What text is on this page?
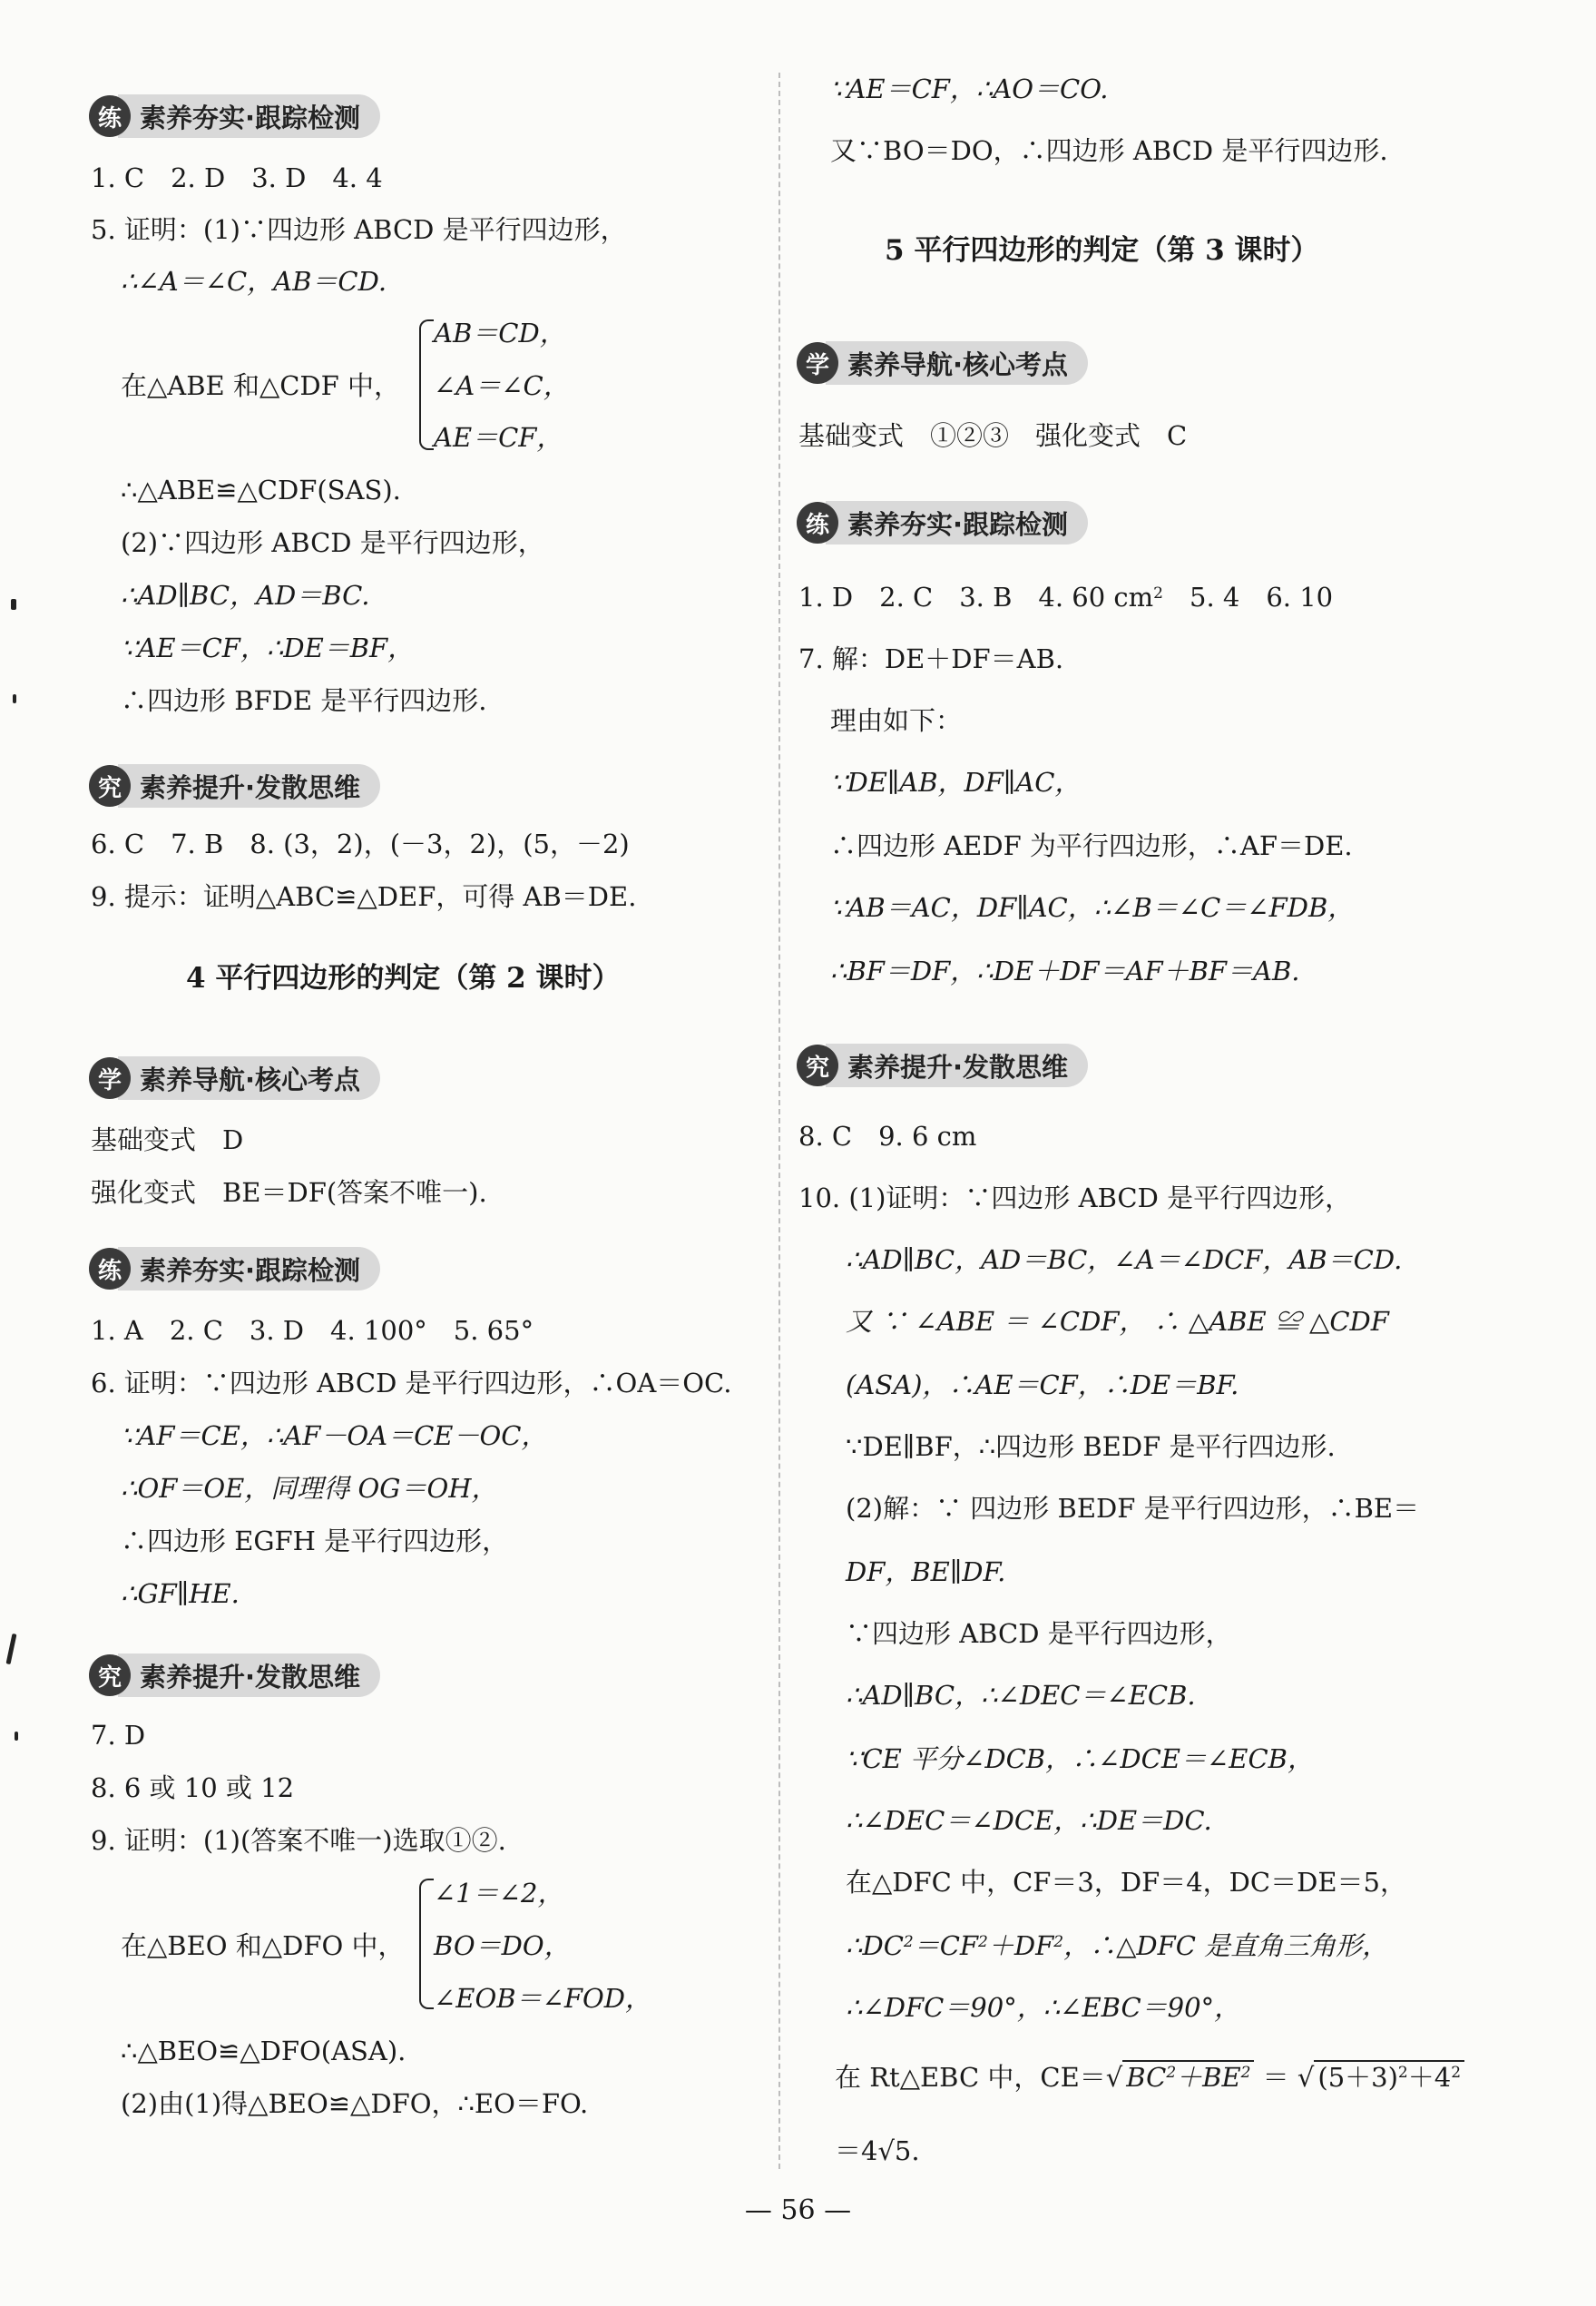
练 素养夯实·跟踪检测
1. C　2. D　3. D　4. 4
5. 证明：(1)∵四边形 ABCD 是平行四边形，
∴∠A＝∠C，AB＝CD.
在△ABE 和△CDF 中，
AB＝CD，
∠A＝∠C，
AE＝CF，
∴△ABE≌△CDF(SAS).
(2)∵四边形 ABCD 是平行四边形，
∴AD∥BC，AD＝BC.
∵AE＝CF，∴DE＝BF，
∴四边形 BFDE 是平行四边形.
究 素养提升·发散思维
6. C　7. B　8. (3，2)，(－3，2)，(5，－2)
9. 提示：证明△ABC≌△DEF，可得 AB＝DE.
4 平行四边形的判定（第 2 课时）
学 素养导航·核心考点
基础变式　D
强化变式　BE＝DF(答案不唯一).
练 素养夯实·跟踪检测
1. A　2. C　3. D　4. 100°　5. 65°
6. 证明：∵四边形 ABCD 是平行四边形，∴OA＝OC.
∵AF＝CE，∴AF－OA＝CE－OC，
∴OF＝OE，同理得 OG＝OH，
∴四边形 EGFH 是平行四边形，
∴GF∥HE.
究 素养提升·发散思维
7. D
8. 6 或 10 或 12
9. 证明：(1)(答案不唯一)选取①②.
在△BEO 和△DFO 中，
∠1＝∠2，
BO＝DO，
∠EOB＝∠FOD，
∴△BEO≌△DFO(ASA).
(2)由(1)得△BEO≌△DFO，∴EO＝FO.
∵AE＝CF，∴AO＝CO.
又∵BO＝DO，∴四边形 ABCD 是平行四边形.
5 平行四边形的判定（第 3 课时）
学 素养导航·核心考点
基础变式　①②③　强化变式　C
练 素养夯实·跟踪检测
1. D　2. C　3. B　4. 60 $cm^2$　5. 4　6. 10
7. 解：DE＋DF＝AB.
理由如下：
∵DE∥AB，DF∥AC，
∴四边形 AEDF 为平行四边形，∴AF＝DE.
∵AB＝AC，DF∥AC，∴∠B＝∠C＝∠FDB，
∴BF＝DF，∴DE＋DF＝AF＋BF＝AB.
究 素养提升·发散思维
8. C　9. 6 cm
10. (1)证明：∵四边形 ABCD 是平行四边形，
∴AD∥BC，AD＝BC，∠A＝∠DCF，AB＝CD.
又 ∵ ∠ABE ＝ ∠CDF， ∴ △ABE ≌ △CDF
(ASA)，∴AE＝CF，∴DE＝BF.
∵DE∥BF，∴四边形 BEDF 是平行四边形.
(2)解：∵ 四边形 BEDF 是平行四边形，∴BE＝
DF，BE∥DF.
∵四边形 ABCD 是平行四边形，
∴AD∥BC，∴∠DEC＝∠ECB.
∵CE 平分∠DCB，∴∠DCE＝∠ECB，
∴∠DEC＝∠DCE，∴DE＝DC.
在△DFC 中，CF＝3，DF＝4，DC＝DE＝5，
$\therefore DC^2=CF^2+DF^2$，∴△DFC 是直角三角形，
∴∠DFC＝90°，∴∠EBC＝90°，
在 Rt△EBC 中，CE＝√ $BC^2+BE^2$ ＝ √ $(5+3)^2+4^2$
＝4√5.
— 56 —
